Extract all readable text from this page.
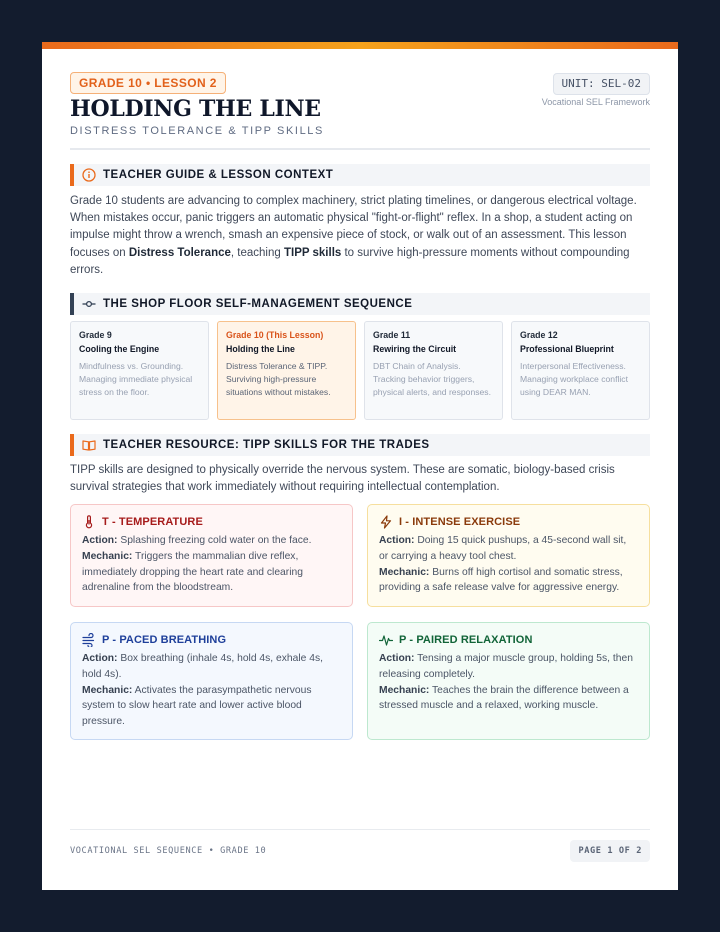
GRADE 10 • LESSON 2
HOLDING THE LINE
DISTRESS TOLERANCE & TIPP SKILLS
UNIT: SEL-02
Vocational SEL Framework
TEACHER GUIDE & LESSON CONTEXT
Grade 10 students are advancing to complex machinery, strict plating timelines, or dangerous electrical voltage. When mistakes occur, panic triggers an automatic physical "fight-or-flight" reflex. In a shop, a student acting on impulse might throw a wrench, smash an expensive piece of stock, or walk out of an assessment. This lesson focuses on Distress Tolerance, teaching TIPP skills to survive high-pressure moments without compounding errors.
THE SHOP FLOOR SELF-MANAGEMENT SEQUENCE
Grade 9
Cooling the Engine
Mindfulness vs. Grounding. Managing immediate physical stress on the floor.
Grade 10 (This Lesson)
Holding the Line
Distress Tolerance & TIPP. Surviving high-pressure situations without mistakes.
Grade 11
Rewiring the Circuit
DBT Chain of Analysis. Tracking behavior triggers, physical alerts, and responses.
Grade 12
Professional Blueprint
Interpersonal Effectiveness. Managing workplace conflict using DEAR MAN.
TEACHER RESOURCE: TIPP SKILLS FOR THE TRADES
TIPP skills are designed to physically override the nervous system. These are somatic, biology-based crisis survival strategies that work immediately without requiring intellectual contemplation.
T - TEMPERATURE
Action: Splashing freezing cold water on the face.
Mechanic: Triggers the mammalian dive reflex, immediately dropping the heart rate and clearing adrenaline from the bloodstream.
I - INTENSE EXERCISE
Action: Doing 15 quick pushups, a 45-second wall sit, or carrying a heavy tool chest.
Mechanic: Burns off high cortisol and somatic stress, providing a safe release valve for aggressive energy.
P - PACED BREATHING
Action: Box breathing (inhale 4s, hold 4s, exhale 4s, hold 4s).
Mechanic: Activates the parasympathetic nervous system to slow heart rate and lower active blood pressure.
P - PAIRED RELAXATION
Action: Tensing a major muscle group, holding 5s, then releasing completely.
Mechanic: Teaches the brain the difference between a stressed muscle and a relaxed, working muscle.
VOCATIONAL SEL SEQUENCE • GRADE 10	PAGE 1 OF 2
